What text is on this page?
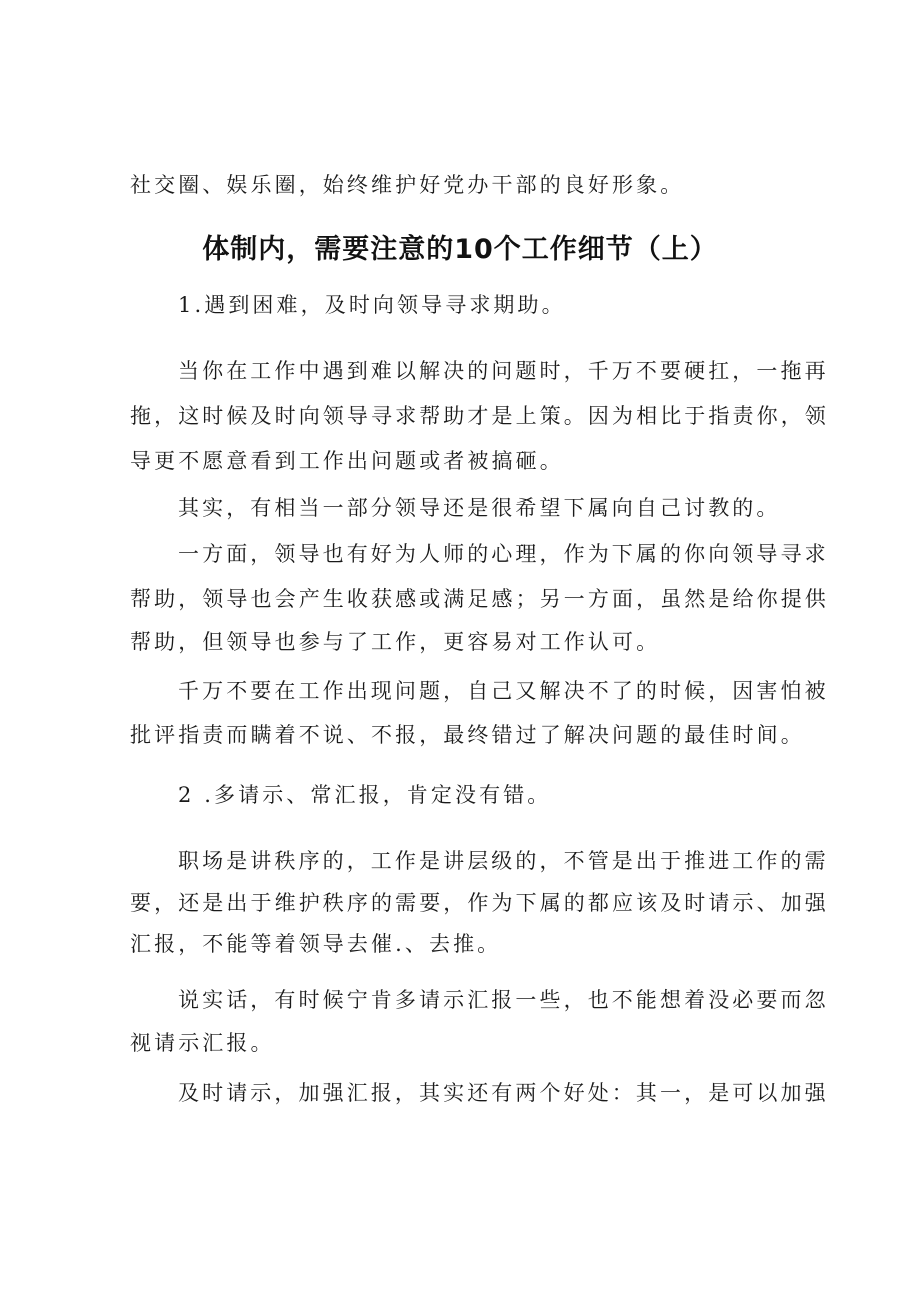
社交圈、娱乐圈，始终维护好党办干部的良好形象。
体制内，需要注意的10个工作细节（上）
1.遇到困难，及时向领导寻求期助。
当你在工作中遇到难以解决的问题时，千万不要硬扛，一拖再
拖，这时候及时向领导寻求帮助才是上策。因为相比于指责你，领
导更不愿意看到工作出问题或者被搞砸。
其实，有相当一部分领导还是很希望下属向自己讨教的。
一方面，领导也有好为人师的心理，作为下属的你向领导寻求
帮助，领导也会产生收获感或满足感；另一方面，虽然是给你提供
帮助，但领导也参与了工作，更容易对工作认可。
千万不要在工作出现问题，自己又解决不了的时候，因害怕被
批评指责而瞒着不说、不报，最终错过了解决问题的最佳时间。
2 .多请示、常汇报，肯定没有错。
职场是讲秩序的，工作是讲层级的，不管是出于推进工作的需
要，还是出于维护秩序的需要，作为下属的都应该及时请示、加强
汇报，不能等着领导去催.、去推。
说实话，有时候宁肯多请示汇报一些，也不能想着没必要而忽
视请示汇报。
及时请示，加强汇报，其实还有两个好处：其一，是可以加强
